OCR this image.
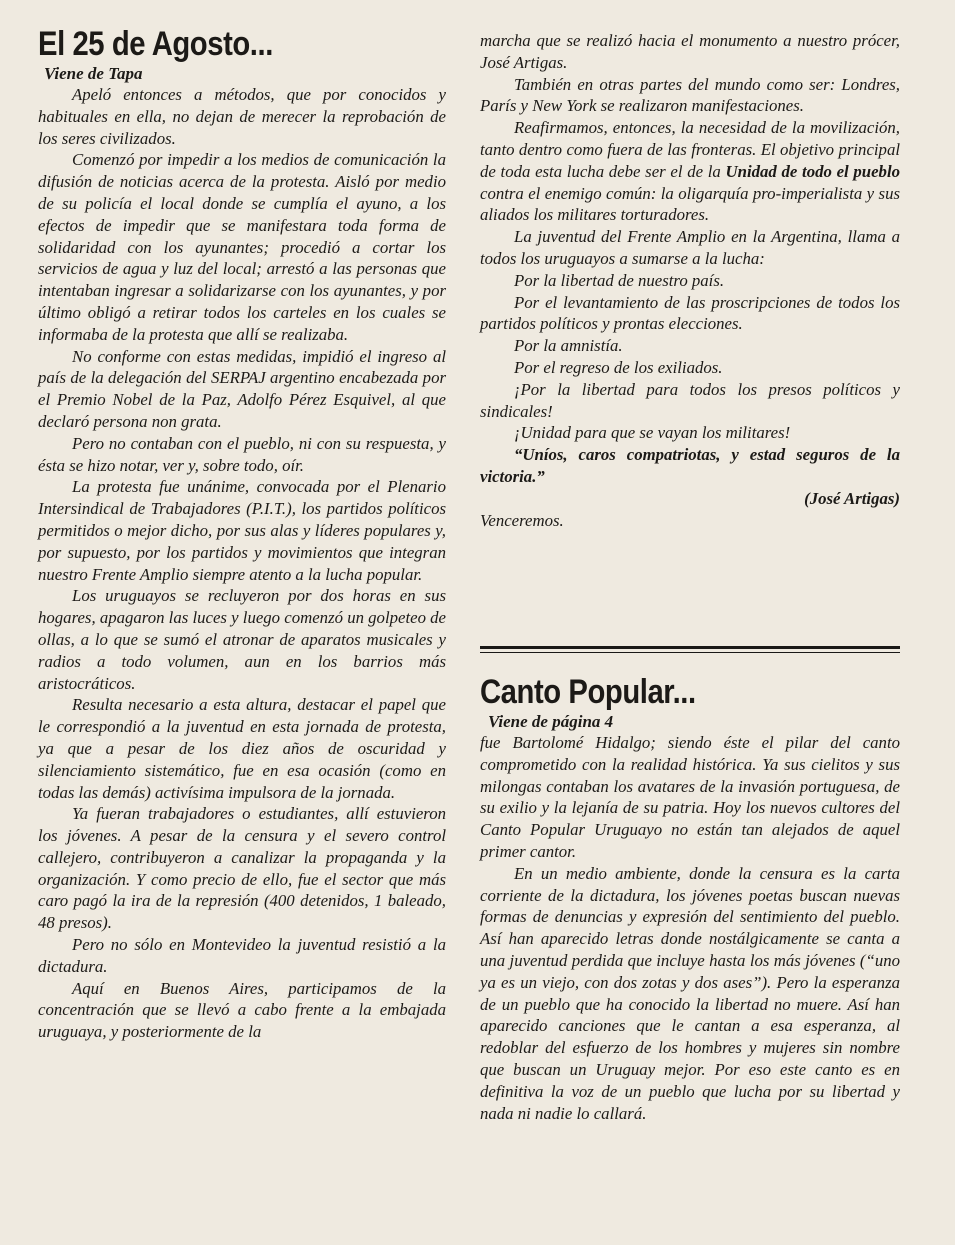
El 25 de Agosto...
Viene de Tapa

Apeló entonces a métodos, que por conocidos y habituales en ella, no dejan de merecer la reprobación de los seres civilizados.

Comenzó por impedir a los medios de comunicación la difusión de noticias acerca de la protesta. Aisló por medio de su policía el local donde se cumplía el ayuno, a los efectos de impedir que se manifestara toda forma de solidaridad con los ayunantes; procedió a cortar los servicios de agua y luz del local; arrestó a las personas que intentaban ingresar a solidarizarse con los ayunantes, y por último obligó a retirar todos los carteles en los cuales se informaba de la protesta que allí se realizaba.

No conforme con estas medidas, impidió el ingreso al país de la delegación del SERPAJ argentino encabezada por el Premio Nobel de la Paz, Adolfo Pérez Esquivel, al que declaró persona non grata.

Pero no contaban con el pueblo, ni con su respuesta, y ésta se hizo notar, ver y, sobre todo, oír.

La protesta fue unánime, convocada por el Plenario Intersindical de Trabajadores (P.I.T.), los partidos políticos permitidos o mejor dicho, por sus alas y líderes populares y, por supuesto, por los partidos y movimientos que integran nuestro Frente Amplio siempre atento a la lucha popular.

Los uruguayos se recluyeron por dos horas en sus hogares, apagaron las luces y luego comenzó un golpeteo de ollas, a lo que se sumó el atronar de aparatos musicales y radios a todo volumen, aun en los barrios más aristocráticos.

Resulta necesario a esta altura, destacar el papel que le correspondió a la juventud en esta jornada de protesta, ya que a pesar de los diez años de oscuridad y silenciamiento sistemático, fue en esa ocasión (como en todas las demás) activísima impulsora de la jornada.

Ya fueran trabajadores o estudiantes, allí estuvieron los jóvenes. A pesar de la censura y el severo control callejero, contribuyeron a canalizar la propaganda y la organización. Y como precio de ello, fue el sector que más caro pagó la ira de la represión (400 detenidos, 1 baleado, 48 presos).

Pero no sólo en Montevideo la juventud resistió a la dictadura.

Aquí en Buenos Aires, participamos de la concentración que se llevó a cabo frente a la embajada uruguaya, y posteriormente de la

marcha que se realizó hacia el monumento a nuestro prócer, José Artigas.

También en otras partes del mundo como ser: Londres, París y New York se realizaron manifestaciones.

Reafirmamos, entonces, la necesidad de la movilización, tanto dentro como fuera de las fronteras. El objetivo principal de toda esta lucha debe ser el de la Unidad de todo el pueblo contra el enemigo común: la oligarquía pro-imperialista y sus aliados los militares torturadores.

La juventud del Frente Amplio en la Argentina, llama a todos los uruguayos a sumarse a la lucha:

Por la libertad de nuestro país.

Por el levantamiento de las proscripciones de todos los partidos políticos y prontas elecciones.

Por la amnistía.

Por el regreso de los exiliados.

¡Por la libertad para todos los presos políticos y sindicales!

¡Unidad para que se vayan los militares!

“Uníos, caros compatriotas, y estad seguros de la victoria.”

(José Artigas)

Venceremos.

Canto Popular...
Viene de página 4

fue Bartolomé Hidalgo; siendo éste el pilar del canto comprometido con la realidad histórica. Ya sus cielitos y sus milongas contaban los avatares de la invasión portuguesa, de su exilio y la lejanía de su patria. Hoy los nuevos cultores del Canto Popular Uruguayo no están tan alejados de aquel primer cantor.

En un medio ambiente, donde la censura es la carta corriente de la dictadura, los jóvenes poetas buscan nuevas formas de denuncias y expresión del sentimiento del pueblo. Así han aparecido letras donde nostálgicamente se canta a una juventud perdida que incluye hasta los más jóvenes (“uno ya es un viejo, con dos zotas y dos ases”). Pero la esperanza de un pueblo que ha conocido la libertad no muere. Así han aparecido canciones que le cantan a esa esperanza, al redoblar del esfuerzo de los hombres y mujeres sin nombre que buscan un Uruguay mejor. Por eso este canto es en definitiva la voz de un pueblo que lucha por su libertad y nada ni nadie lo callará.
